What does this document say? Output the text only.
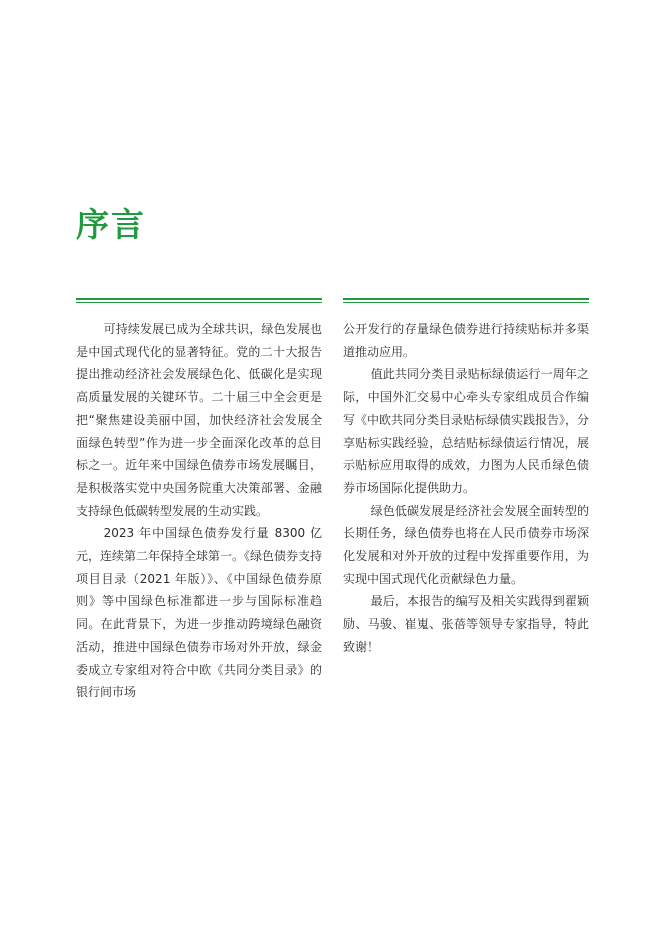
序言

可持续发展已成为全球共识，绿色发展也是中国式现代化的显著特征。党的二十大报告提出推动经济社会发展绿色化、低碳化是实现高质量发展的关键环节。二十届三中全会更是把“聚焦建设美丽中国，加快经济社会发展全面绿色转型”作为进一步全面深化改革的总目标之一。近年来中国绿色债券市场发展瞩目，是积极落实党中央国务院重大决策部署、金融支持绿色低碳转型发展的生动实践。

2023 年中国绿色债券发行量 8300 亿元，连续第二年保持全球第一。《绿色债券支持项目目录（2021 年版）》、《中国绿色债券原则》等中国绿色标准都进一步与国际标准趋同。在此背景下，为进一步推动跨境绿色融资活动，推进中国绿色债券市场对外开放，绿金委成立专家组对符合中欧《共同分类目录》的银行间市场

公开发行的存量绿色债券进行持续贴标并多渠道推动应用。

值此共同分类目录贴标绿债运行一周年之际，中国外汇交易中心牵头专家组成员合作编写《中欧共同分类目录贴标绿债实践报告》，分享贴标实践经验，总结贴标绿债运行情况，展示贴标应用取得的成效，力图为人民币绿色债券市场国际化提供助力。

绿色低碳发展是经济社会发展全面转型的长期任务，绿色债券也将在人民币债券市场深化发展和对外开放的过程中发挥重要作用，为实现中国式现代化贡献绿色力量。

最后，本报告的编写及相关实践得到翟颖励、马骏、崔嵬、张蓓等领导专家指导，特此致谢！
